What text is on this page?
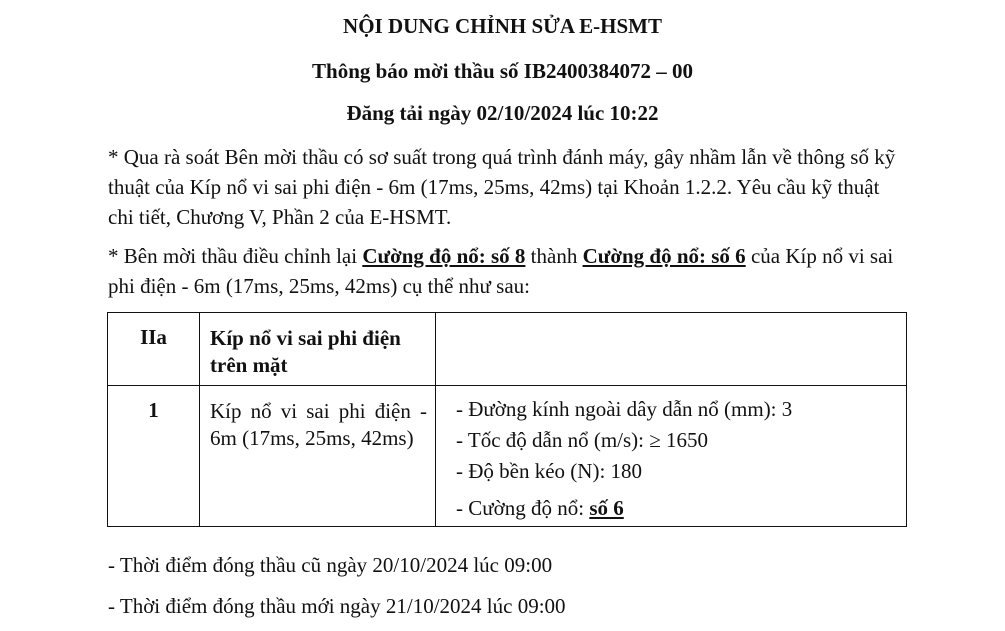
NỘI DUNG CHỈNH SỬA E-HSMT
Thông báo mời thầu số IB2400384072 – 00
Đăng tải ngày 02/10/2024 lúc 10:22
* Qua rà soát Bên mời thầu có sơ suất trong quá trình đánh máy, gây nhầm lẫn về thông số kỹ thuật của Kíp nổ vi sai phi điện - 6m (17ms, 25ms, 42ms) tại Khoản 1.2.2. Yêu cầu kỹ thuật chi tiết, Chương V, Phần 2 của E-HSMT.
* Bên mời thầu điều chỉnh lại Cường độ nổ: số 8 thành Cường độ nổ: số 6 của Kíp nổ vi sai phi điện - 6m (17ms, 25ms, 42ms) cụ thể như sau:
IIa	Kíp nổ vi sai phi điện trên mặt	

1	Kíp nổ vi sai phi điện - 6m (17ms, 25ms, 42ms)	- Đường kính ngoài dây dẫn nổ (mm): 3
- Tốc độ dẫn nổ (m/s): ≥ 1650
- Độ bền kéo (N): 180
- Cường độ nổ: số 6
- Thời điểm đóng thầu cũ ngày 20/10/2024 lúc 09:00
- Thời điểm đóng thầu mới ngày 21/10/2024 lúc 09:00
